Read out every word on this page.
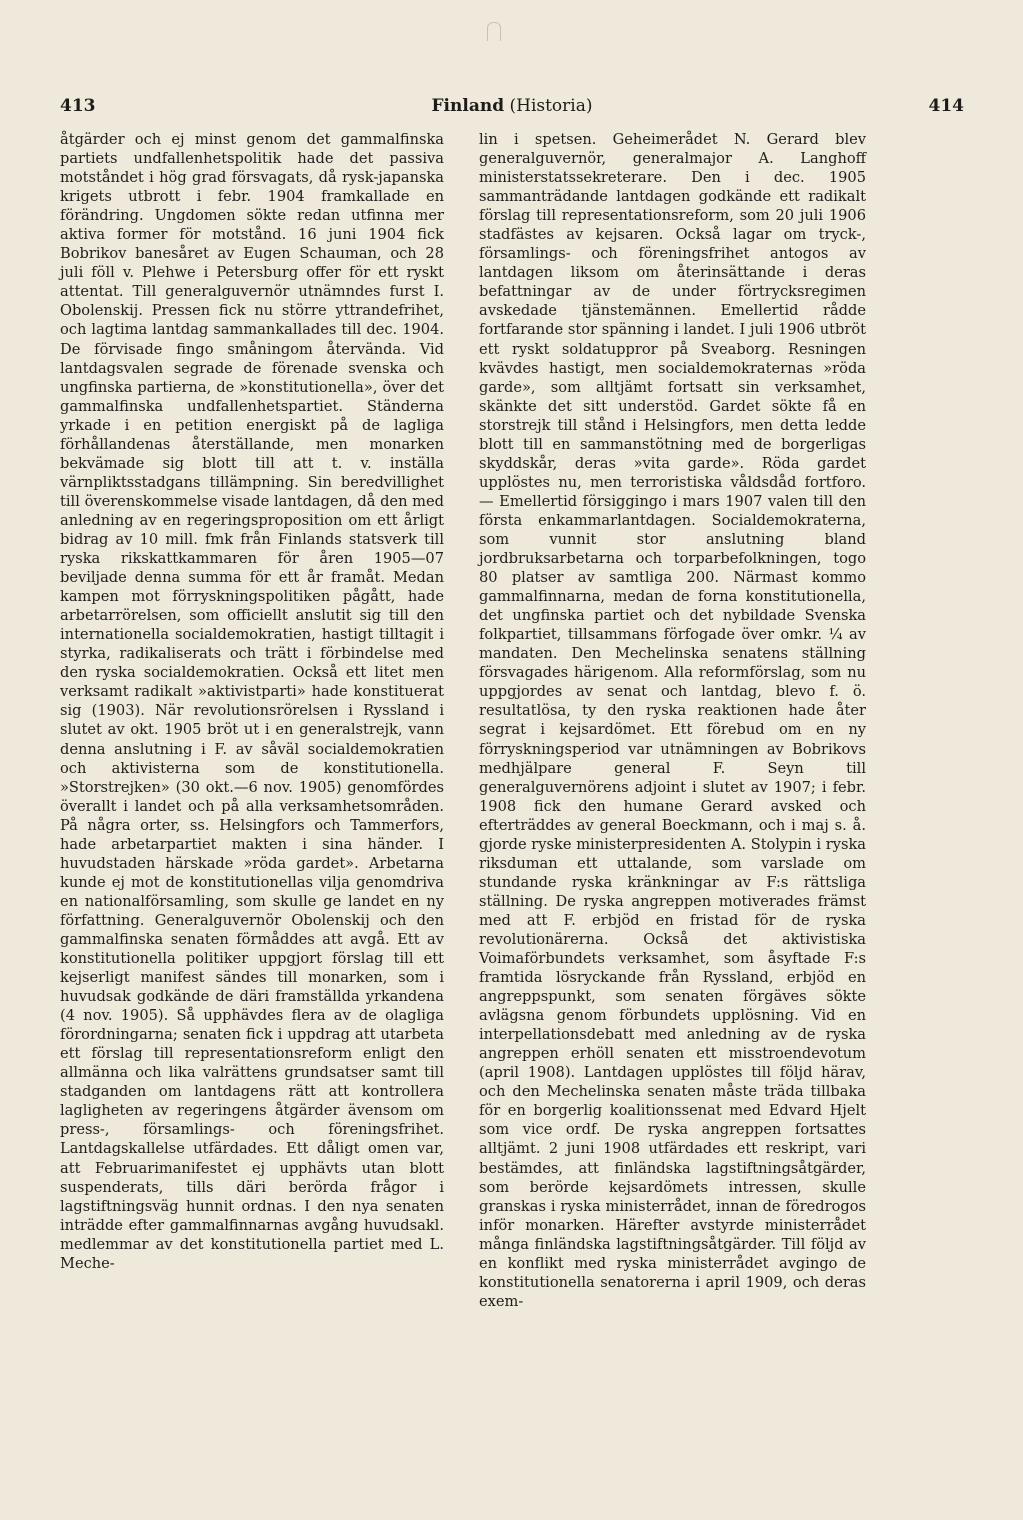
413	Finland (Historia)	414

åtgärder och ej minst genom det gammalfinska partiets undfallenhetspolitik hade det passiva motståndet i hög grad försvagats, då rysk-japanska krigets utbrott i febr. 1904 framkallade en förändring. Ungdomen sökte redan utfinna mer aktiva former för motstånd. 16 juni 1904 fick Bobrikov banesåret av Eugen Schauman, och 28 juli föll v. Plehwe i Petersburg offer för ett ryskt attentat. Till generalguvernör utnämndes furst I. Obolenskij. Pressen fick nu större yttrandefrihet, och lagtima lantdag sammankallades till dec. 1904. De förvisade fingo småningom återvända. Vid lantdagsvalen segrade de förenade svenska och ungfinska partierna, de »konstitutionella», över det gammalfinska undfallenhetspartiet. Ständerna yrkade i en petition energiskt på de lagliga förhållandenas återställande, men monarken bekvämade sig blott till att t. v. inställa värnpliktsstadgans tillämpning. Sin beredvillighet till överenskommelse visade lantdagen, då den med anledning av en regeringsproposition om ett årligt bidrag av 10 mill. fmk från Finlands statsverk till ryska rikskattkammaren för åren 1905—07 beviljade denna summa för ett år framåt. Medan kampen mot förryskningspolitiken pågått, hade arbetarrörelsen, som officiellt anslutit sig till den internationella socialdemokratien, hastigt tilltagit i styrka, radikaliserats och trätt i förbindelse med den ryska socialdemokratien. Också ett litet men verksamt radikalt »aktivistparti» hade konstituerat sig (1903). När revolutionsrörelsen i Ryssland i slutet av okt. 1905 bröt ut i en generalstrejk, vann denna anslutning i F. av såväl socialdemokratien och aktivisterna som de konstitutionella. »Storstrejken» (30 okt.—6 nov. 1905) genomfördes överallt i landet och på alla verksamhetsområden. På några orter, ss. Helsingfors och Tammerfors, hade arbetarpartiet makten i sina händer. I huvudstaden härskade »röda gardet». Arbetarna kunde ej mot de konstitutionellas vilja genomdriva en nationalförsamling, som skulle ge landet en ny författning. Generalguvernör Obolenskij och den gammalfinska senaten förmåddes att avgå. Ett av konstitutionella politiker uppgjort förslag till ett kejserligt manifest sändes till monarken, som i huvudsak godkände de däri framställda yrkandena (4 nov. 1905). Så upphävdes flera av de olagliga förordningarna; senaten fick i uppdrag att utarbeta ett förslag till representationsreform enligt den allmänna och lika valrättens grundsatser samt till stadganden om lantdagens rätt att kontrollera lagligheten av regeringens åtgärder ävensom om press-, församlings- och föreningsfrihet. Lantdagskallelse utfärdades. Ett dåligt omen var, att Februarimanifestet ej upphävts utan blott suspenderats, tills däri berörda frågor i lagstiftningsväg hunnit ordnas. I den nya senaten inträdde efter gammalfinnarnas avgång huvudsakl. medlemmar av det konstitutionella partiet med L. Meche-

lin i spetsen. Geheimerådet N. Gerard blev generalguvernör, generalmajor A. Langhoff ministerstatssekreterare. Den i dec. 1905 sammanträdande lantdagen godkände ett radikalt förslag till representationsreform, som 20 juli 1906 stadfästes av kejsaren. Också lagar om tryck-, församlings- och föreningsfrihet antogos av lantdagen liksom om återinsättande i deras befattningar av de under förtrycksregimen avskedade tjänstemännen. Emellertid rådde fortfarande stor spänning i landet. I juli 1906 utbröt ett ryskt soldatuppror på Sveaborg. Resningen kvävdes hastigt, men socialdemokraternas »röda garde», som alltjämt fortsatt sin verksamhet, skänkte det sitt understöd. Gardet sökte få en storstrejk till stånd i Helsingfors, men detta ledde blott till en sammanstötning med de borgerligas skyddskår, deras »vita garde». Röda gardet upplöstes nu, men terroristiska våldsdåd fortforo. — Emellertid försiggingo i mars 1907 valen till den första enkammarlantdagen. Socialdemokraterna, som vunnit stor anslutning bland jordbruksarbetarna och torparbefolkningen, togo 80 platser av samtliga 200. Närmast kommo gammalfinnarna, medan de forna konstitutionella, det ungfinska partiet och det nybildade Svenska folkpartiet, tillsammans förfogade över omkr. ¼ av mandaten. Den Mechelinska senatens ställning försvagades härigenom. Alla reformförslag, som nu uppgjordes av senat och lantdag, blevo f. ö. resultatlösa, ty den ryska reaktionen hade åter segrat i kejsardömet. Ett förebud om en ny förryskningsperiod var utnämningen av Bobrikovs medhjälpare general F. Seyn till generalguvernörens adjoint i slutet av 1907; i febr. 1908 fick den humane Gerard avsked och efterträddes av general Boeckmann, och i maj s. å. gjorde ryske ministerpresidenten A. Stolypin i ryska riksduman ett uttalande, som varslade om stundande ryska kränkningar av F:s rättsliga ställning. De ryska angreppen motiverades främst med att F. erbjöd en fristad för de ryska revolutionärerna. Också det aktivistiska Voimaförbundets verksamhet, som åsyftade F:s framtida lösryckande från Ryssland, erbjöd en angreppspunkt, som senaten förgäves sökte avlägsna genom förbundets upplösning. Vid en interpellationsdebatt med anledning av de ryska angreppen erhöll senaten ett misstroendevotum (april 1908). Lantdagen upplöstes till följd härav, och den Mechelinska senaten måste träda tillbaka för en borgerlig koalitionssenat med Edvard Hjelt som vice ordf. De ryska angreppen fortsattes alltjämt. 2 juni 1908 utfärdades ett reskript, vari bestämdes, att finländska lagstiftningsåtgärder, som berörde kejsardömets intressen, skulle granskas i ryska ministerrådet, innan de föredrogos inför monarken. Härefter avstyrde ministerrådet många finländska lagstiftningsåtgärder. Till följd av en konflikt med ryska ministerrådet avgingo de konstitutionella senatorerna i april 1909, och deras exem-
